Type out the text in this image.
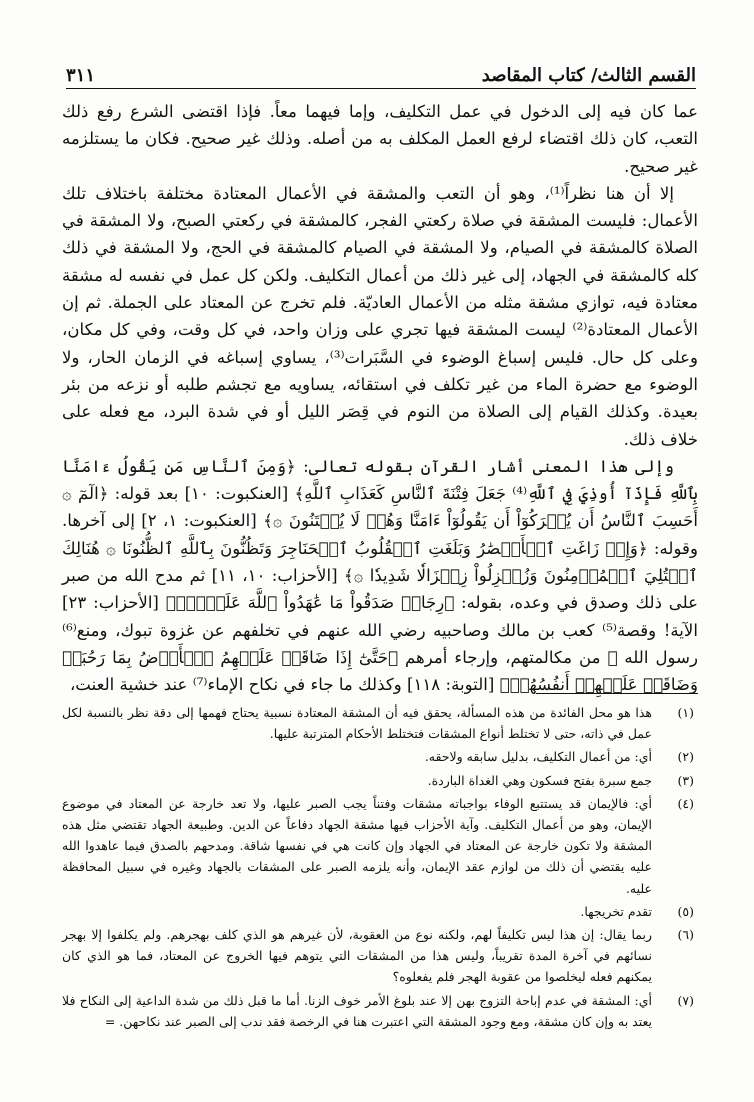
القسم الثالث/ كتاب المقاصد
٣١١

عما كان فيه إلى الدخول في عمل التكليف، وإما فيهما معاً. فإذا اقتضى الشرع رفع ذلك التعب، كان ذلك اقتضاء لرفع العمل المكلف به من أصله. وذلك غير صحيح. فكان ما يستلزمه غير صحيح.

إلا أن هنا نظراً⁽¹⁾، وهو أن التعب والمشقة في الأعمال المعتادة مختلفة باختلاف تلك الأعمال: فليست المشقة في صلاة ركعتي الفجر، كالمشقة في ركعتي الصبح، ولا المشقة في الصلاة كالمشقة في الصيام، ولا المشقة في الصيام كالمشقة في الحج، ولا المشقة في ذلك كله كالمشقة في الجهاد، إلى غير ذلك من أعمال التكليف. ولكن كل عمل في نفسه له مشقة معتادة فيه، توازي مشقة مثله من الأعمال العاديّة. فلم تخرج عن المعتاد على الجملة. ثم إن الأعمال المعتادة⁽²⁾ ليست المشقة فيها تجري على وزان واحد، في كل وقت، وفي كل مكان، وعلى كل حال. فليس إسباغ الوضوء في السَّبَرات⁽³⁾، يساوي إسباغه في الزمان الحار، ولا الوضوء مع حضرة الماء من غير تكلف في استقائه، يساويه مع تجشم طلبه أو نزعه من بئر بعيدة. وكذلك القيام إلى الصلاة من النوم في قِصَر الليل أو في شدة البرد، مع فعله على خلاف ذلك.

وإلى هذا المعنى أشار القرآن بقوله تعالى: ﴿وَمِنَ ٱلنَّاسِ مَن يَقُولُ ءَامَنَّا بِٱللَّهِ فَإِذَآ أُوذِيَ فِي ٱللَّهِ⁽⁴⁾ جَعَلَ فِتْنَةَ ٱلنَّاسِ كَعَذَابِ ٱللَّهِ﴾ [العنكبوت: ١٠] بعد قوله: ﴿الٓمٓ ۞ أَحَسِبَ ٱلنَّاسُ أَن يُتۡرَكُوٓاْ أَن يَقُولُوٓاْ ءَامَنَّا وَهُمۡ لَا يُفۡتَنُونَ ۞﴾ [العنكبوت: ١، ٢] إلى آخرها. وقوله: ﴿وَإِذۡ زَاغَتِ ٱلۡأَبۡصَٰرُ وَبَلَغَتِ ٱلۡقُلُوبُ ٱلۡحَنَاجِرَ وَتَظُنُّونَ بِٱللَّهِ ٱلظُّنُونَا ۞ هُنَالِكَ ٱبۡتُلِيَ ٱلۡمُؤۡمِنُونَ وَزُلۡزِلُواْ زِلۡزَالٗا شَدِيدٗا ۞﴾ [الأحزاب: ١٠، ١١] ثم مدح الله من صبر على ذلك وصدق في وعده، بقوله: ﴿رِجَالٞ صَدَقُواْ مَا عَٰهَدُواْ ٱللَّهَ عَلَيۡهِۖ﴾ [الأحزاب: ٢٣] الآية! وقصة⁽⁵⁾ كعب بن مالك وصاحبيه رضي الله عنهم في تخلفهم عن غزوة تبوك، ومنع⁽⁶⁾ رسول الله ﷺ من مكالمتهم، وإرجاء أمرهم ﴿حَتَّىٰٓ إِذَا ضَاقَتۡ عَلَيۡهِمُ ٱلۡأَرۡضُ بِمَا رَحُبَتۡ وَضَاقَتۡ عَلَيۡهِمۡ أَنفُسُهُمۡ﴾ [التوبة: ١١٨] وكذلك ما جاء في نكاح الإماء⁽⁷⁾ عند خشية العنت،

(١)
هذا هو محل الفائدة من هذه المسألة، يحقق فيه أن المشقة المعتادة نسبية يحتاج فهمها إلى دقة نظر بالنسبة لكل عمل في ذاته، حتى لا تختلط أنواع المشقات فتختلط الأحكام المترتبة عليها.
(٢)
أي: من أعمال التكليف، بدليل سابقه ولاحقه.
(٣)
جمع سبرة بفتح فسكون وهي الغداة الباردة.
(٤)
أي: فالإيمان قد يستتبع الوفاء بواجباته مشقات وفتناً يجب الصبر عليها، ولا تعد خارجة عن المعتاد في موضوع الإيمان، وهو من أعمال التكليف. وآية الأحزاب فيها مشقة الجهاد دفاعاً عن الدين. وطبيعة الجهاد تقتضي مثل هذه المشقة ولا تكون خارجة عن المعتاد في الجهاد وإن كانت هي في نفسها شاقة. ومدحهم بالصدق فيما عاهدوا الله عليه يقتضي أن ذلك من لوازم عقد الإيمان، وأنه يلزمه الصبر على المشقات بالجهاد وغيره في سبيل المحافظة عليه.
(٥)
تقدم تخريجها.
(٦)
ربما يقال: إن هذا ليس تكليفاً لهم، ولكنه نوع من العقوبة، لأن غيرهم هو الذي كلف بهجرهم. ولم يكلفوا إلا بهجر نسائهم في آخرة المدة تقريباً، وليس هذا من المشقات التي يتوهم فيها الخروج عن المعتاد، فما هو الذي كان يمكنهم فعله ليخلصوا من عقوبة الهجر فلم يفعلوه؟
(٧)
أي: المشقة في عدم إباحة التزوج بهن إلا عند بلوغ الأمر خوف الزنا. أما ما قبل ذلك من شدة الداعية إلى النكاح فلا يعتد به وإن كان مشقة، ومع وجود المشقة التي اعتبرت هنا في الرخصة فقد ندب إلى الصبر عند نكاحهن. =
